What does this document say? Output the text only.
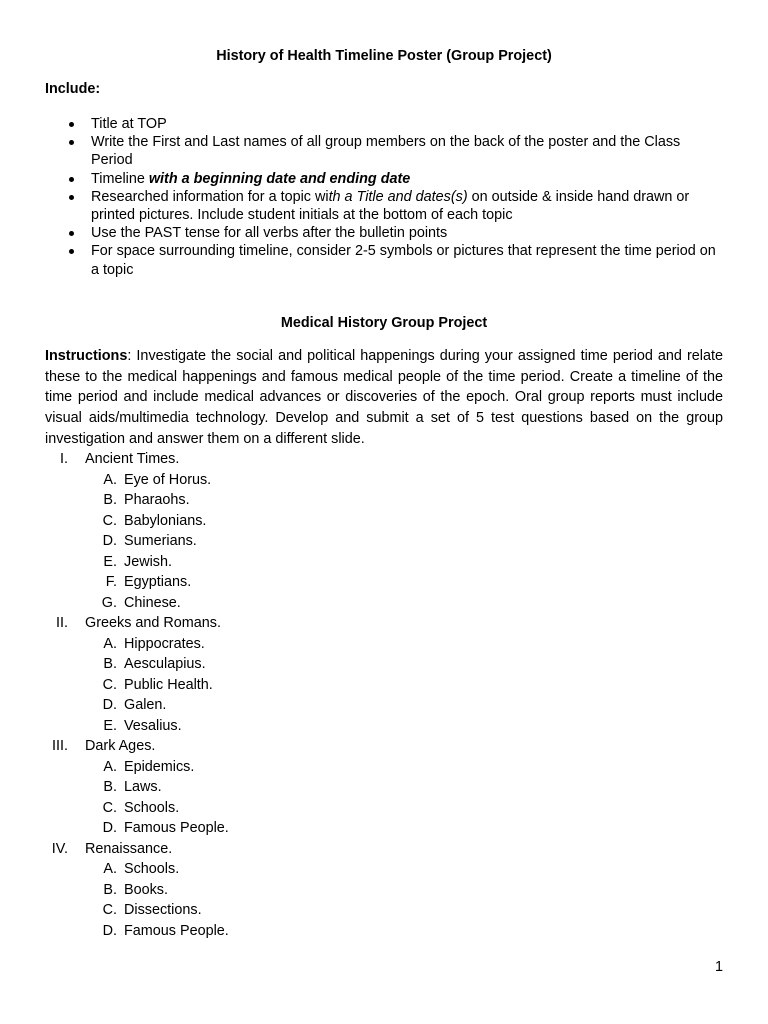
History of Health Timeline Poster (Group Project)
Include:
Title at TOP
Write the First and Last names of all group members on the back of the poster and the Class Period
Timeline with a beginning date and ending date
Researched information for a topic with a Title and dates(s) on outside & inside hand drawn or printed pictures. Include student initials at the bottom of each topic
Use the PAST tense for all verbs after the bulletin points
For space surrounding timeline, consider 2-5 symbols or pictures that represent the time period on a topic
Medical History Group Project

Instructions: Investigate the social and political happenings during your assigned time period and relate these to the medical happenings and famous medical people of the time period. Create a timeline of the time period and include medical advances or discoveries of the epoch. Oral group reports must include visual aids/multimedia technology. Develop and submit a set of 5 test questions based on the group investigation and answer them on a different slide.

I. Ancient Times.
A. Eye of Horus.
B. Pharaohs.
C. Babylonians.
D. Sumerians.
E. Jewish.
F. Egyptians.
G. Chinese.
II. Greeks and Romans.
A. Hippocrates.
B. Aesculapius.
C. Public Health.
D. Galen.
E. Vesalius.
III. Dark Ages.
A. Epidemics.
B. Laws.
C. Schools.
D. Famous People.
IV. Renaissance.
A. Schools.
B. Books.
C. Dissections.
D. Famous People.
1
